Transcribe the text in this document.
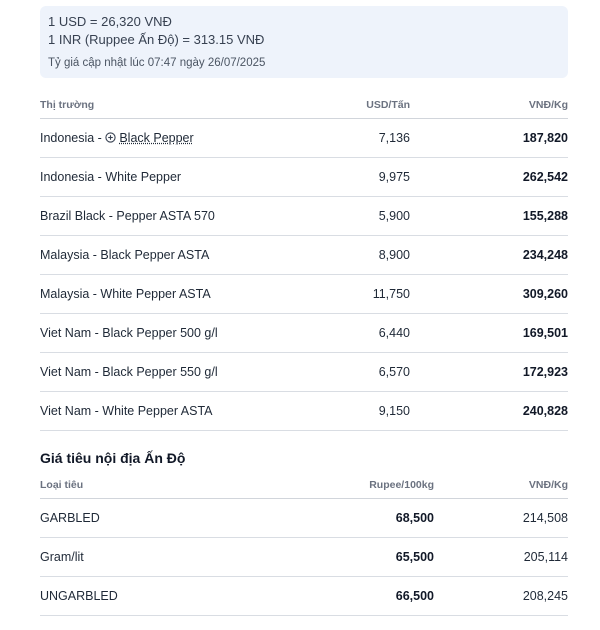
1 USD = 26,320 VNĐ
1 INR (Ruppee Ấn Độ) = 313.15 VNĐ
Tỷ giá cập nhật lúc 07:47 ngày 26/07/2025
Thị trường	USD/Tấn	VNĐ/Kg
Indonesia - Black Pepper	7,136	187,820
Indonesia - White Pepper	9,975	262,542
Brazil Black - Pepper ASTA 570	5,900	155,288
Malaysia - Black Pepper ASTA	8,900	234,248
Malaysia - White Pepper ASTA	11,750	309,260
Viet Nam - Black Pepper 500 g/l	6,440	169,501
Viet Nam - Black Pepper 550 g/l	6,570	172,923
Viet Nam - White Pepper ASTA	9,150	240,828
Giá tiêu nội địa Ấn Độ
Loại tiêu	Rupee/100kg	VNĐ/Kg
GARBLED	68,500	214,508
Gram/lit	65,500	205,114
UNGARBLED	66,500	208,245
